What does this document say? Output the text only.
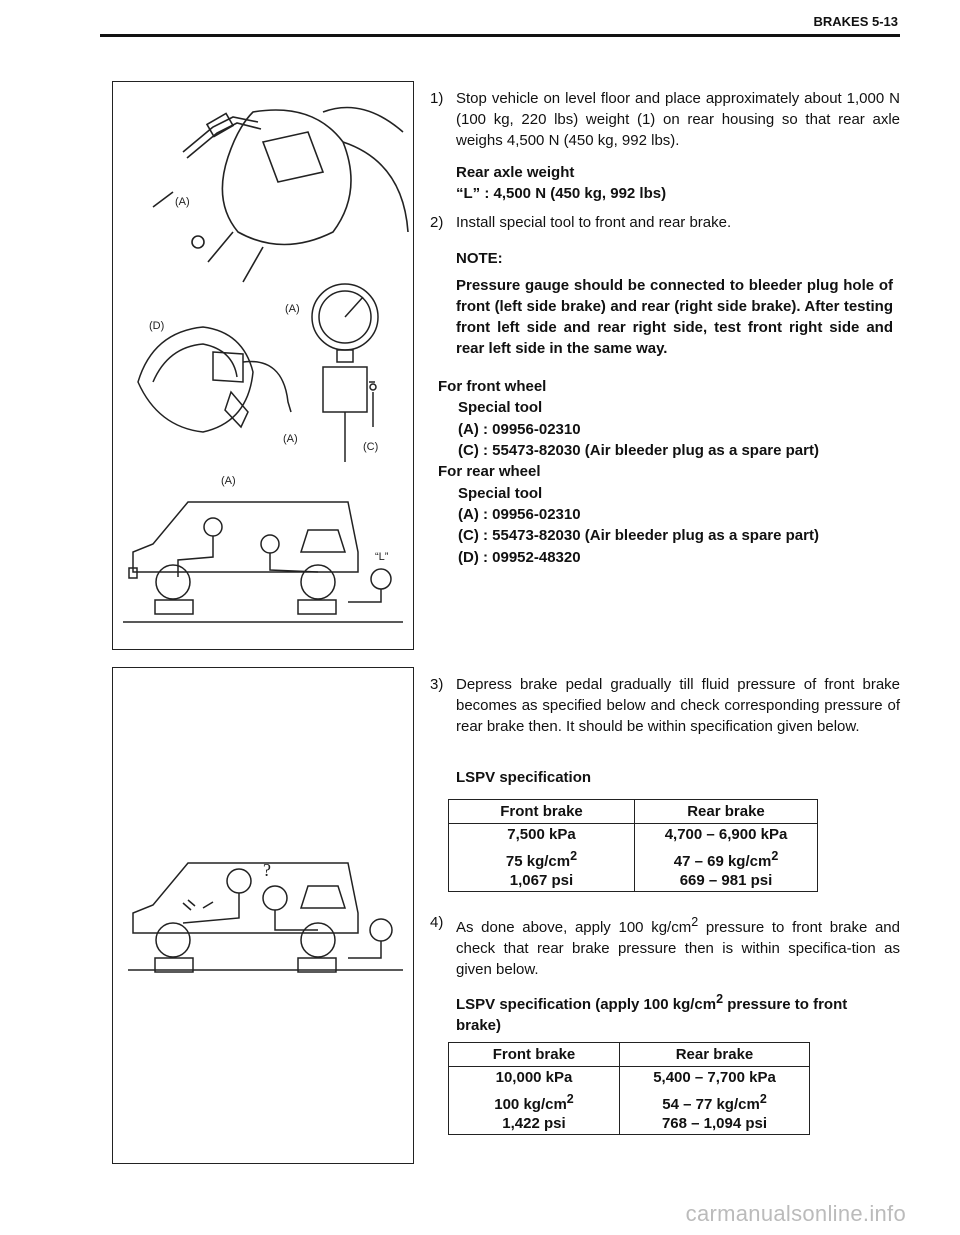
BRAKES 5-13
(A)
(A)
(D)
(A)
(C)
(A)
“L”
?
1) Stop vehicle on level floor and place approximately about 1,000 N (100 kg, 220 lbs) weight (1) on rear housing so that rear axle weighs 4,500 N (450 kg, 992 lbs).
Rear axle weight
“L” : 4,500 N (450 kg, 992 lbs)
2) Install special tool to front and rear brake.
NOTE:
Pressure gauge should be connected to bleeder plug hole of front (left side brake) and rear (right side brake). After testing front left side and rear right side, test front right side and rear left side in the same way.
For front wheel
Special tool
(A) : 09956-02310
(C) : 55473-82030 (Air bleeder plug as a spare part)
For rear wheel
Special tool
(A) : 09956-02310
(C) : 55473-82030 (Air bleeder plug as a spare part)
(D) : 09952-48320
3) Depress brake pedal gradually till fluid pressure of front brake becomes as specified below and check corresponding pressure of rear brake then. It should be within specification given below.
LSPV specification
Front brake	Rear brake
7,500 kPa	4,700 – 6,900 kPa
75 $kg/cm^2$	47 – 69 $kg/cm^2$
1,067 psi	669 – 981 psi
4) As done above, apply 100 $kg/cm^2$ pressure to front brake and check that rear brake pressure then is within specifica-tion as given below.
LSPV specification (apply 100 $kg/cm^2$ pressure to front brake)
Front brake	Rear brake
10,000 kPa	5,400 – 7,700 kPa
100 $kg/cm^2$	54 – 77 $kg/cm^2$
1,422 psi	768 – 1,094 psi
carmanualsonline.info
